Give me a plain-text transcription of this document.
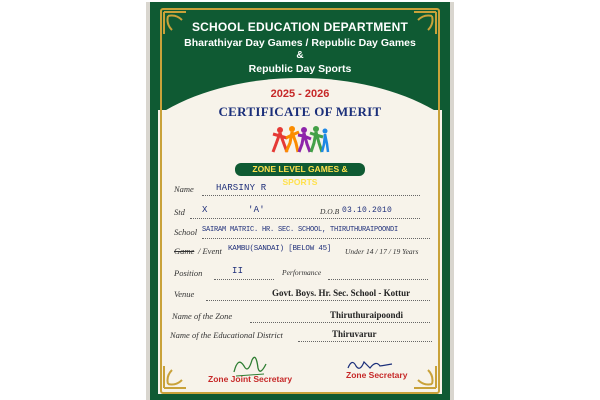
SCHOOL EDUCATION DEPARTMENT
Bharathiyar Day Games / Republic Day Games
&
Republic Day Sports
2025 - 2026
CERTIFICATE OF MERIT
ZONE LEVEL GAMES & SPORTS
Name HARSINY R
Std X	'A'	D.O.B 03.10.2010
School SAIRAM MATRIC. HR. SEC. SCHOOL, THIRUTHURAIPOONDI
Game / Event KAMBU(SANDAI) [BELOW 45] Under 14 / 17 / 19 Years
Position	II	Performance
Venue	Govt. Boys. Hr. Sec. School - Kottur
Name of the Zone	Thiruthuraipoondi
Name of the Educational District	Thiruvarur
Zone Joint Secretary	Zone Secretary
